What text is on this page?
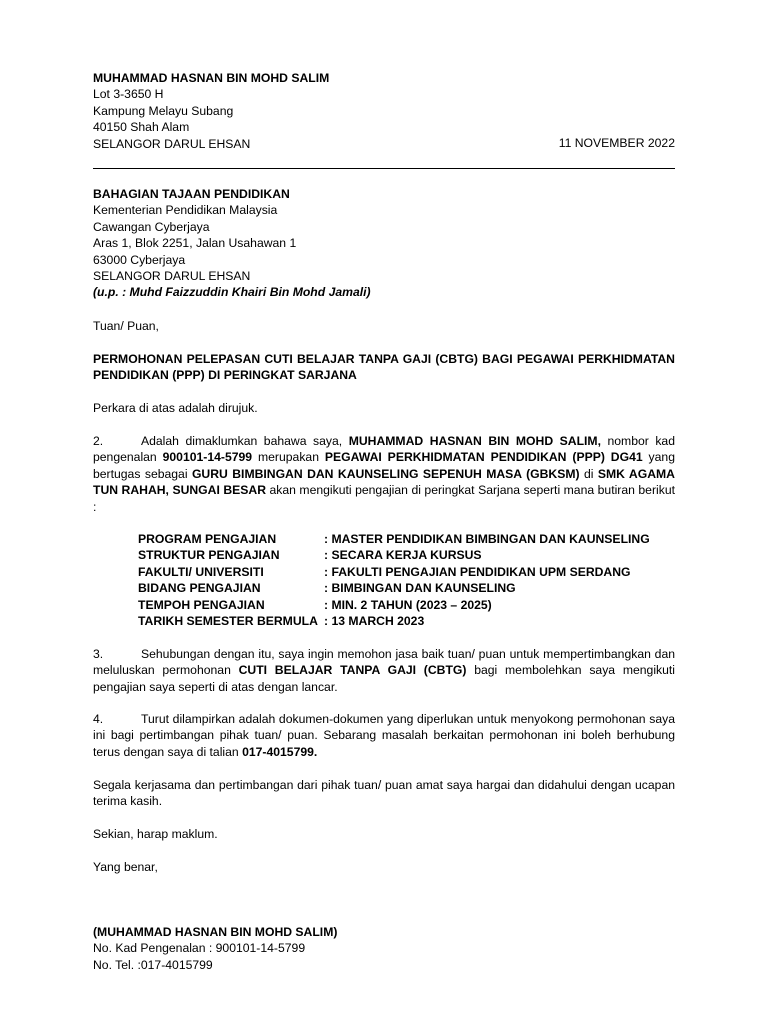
MUHAMMAD HASNAN BIN MOHD SALIM
Lot 3-3650 H
Kampung Melayu Subang
40150 Shah Alam
SELANGOR DARUL EHSAN	11 NOVEMBER 2022
BAHAGIAN TAJAAN PENDIDIKAN
Kementerian Pendidikan Malaysia
Cawangan Cyberjaya
Aras 1, Blok 2251, Jalan Usahawan 1
63000 Cyberjaya
SELANGOR DARUL EHSAN
(u.p. : Muhd Faizzuddin Khairi Bin Mohd Jamali)
Tuan/ Puan,
PERMOHONAN PELEPASAN CUTI BELAJAR TANPA GAJI (CBTG) BAGI PEGAWAI PERKHIDMATAN
PENDIDIKAN (PPP) DI PERINGKAT SARJANA
Perkara di atas adalah dirujuk.
2.	Adalah dimaklumkan bahawa saya, MUHAMMAD HASNAN BIN MOHD SALIM, nombor kad pengenalan 900101-14-5799 merupakan PEGAWAI PERKHIDMATAN PENDIDIKAN (PPP) DG41 yang bertugas sebagai GURU BIMBINGAN DAN KAUNSELING SEPENUH MASA (GBKSM) di SMK AGAMA TUN RAHAH, SUNGAI BESAR akan mengikuti pengajian di peringkat Sarjana seperti mana butiran berikut :
PROGRAM PENGAJIAN	: MASTER PENDIDIKAN BIMBINGAN DAN KAUNSELING
STRUKTUR PENGAJIAN	: SECARA KERJA KURSUS
FAKULTI/ UNIVERSITI	: FAKULTI PENGAJIAN PENDIDIKAN UPM SERDANG
BIDANG PENGAJIAN	: BIMBINGAN DAN KAUNSELING
TEMPOH PENGAJIAN	: MIN. 2 TAHUN (2023 – 2025)
TARIKH SEMESTER BERMULA : 13 MARCH 2023
3.	Sehubungan dengan itu, saya ingin memohon jasa baik tuan/ puan untuk mempertimbangkan dan meluluskan permohonan CUTI BELAJAR TANPA GAJI (CBTG) bagi membolehkan saya mengikuti pengajian saya seperti di atas dengan lancar.
4.	Turut dilampirkan adalah dokumen-dokumen yang diperlukan untuk menyokong permohonan saya ini bagi pertimbangan pihak tuan/ puan. Sebarang masalah berkaitan permohonan ini boleh berhubung terus dengan saya di talian 017-4015799.
Segala kerjasama dan pertimbangan dari pihak tuan/ puan amat saya hargai dan didahului dengan ucapan terima kasih.
Sekian, harap maklum.
Yang benar,
(MUHAMMAD HASNAN BIN MOHD SALIM)
No. Kad Pengenalan : 900101-14-5799
No. Tel. :017-4015799
